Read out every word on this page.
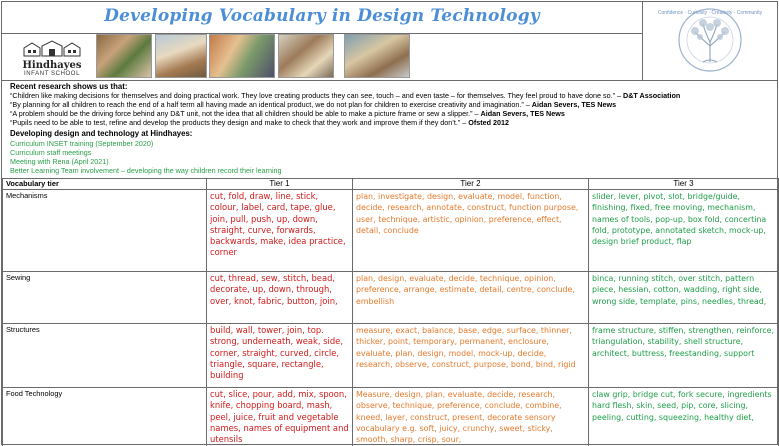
Developing Vocabulary in Design Technology
Hindhayes
INFANT SCHOOL
Confidence · Curiosity · Creativity · Community
Recent research shows us that:
“Children like making decisions for themselves and doing practical work. They love creating products they can see, touch – and even taste – for themselves. They feel proud to have done so.” – D&T Association
“By planning for all children to reach the end of a half term all having made an identical product, we do not plan for children to exercise creativity and imagination.” – Aidan Severs, TES News
“A problem should be the driving force behind any D&T unit, not the idea that all children should be able to make a picture frame or sew a slipper.” – Aidan Severs, TES News
“Pupils need to be able to test, refine and develop the products they design and make to check that they work and improve them if they don’t.” – Ofsted 2012
Developing design and technology at Hindhayes:
Curriculum INSET training (September 2020)
Curriculum staff meetings
Meeting with Rena (April 2021)
Better Learning Team involvement – developing the way children record their learning
Vocabulary tier	Tier 1	Tier 2	Tier 3
Mechanisms	cut, fold, draw, line, stick, colour, label, card, tape, glue, join, pull, push, up, down, straight, curve, forwards, backwards, make, idea practice, corner	plan, investigate, design, evaluate, model, function, decide, research, annotate, construct, function purpose, user, technique, artistic, opinion, preference, effect, detail, conclude	slider, lever, pivot, slot, bridge/guide, finishing, fixed, free moving, mechanism, names of tools, pop-up, box fold, concertina fold, prototype, annotated sketch, mock-up, design brief product, flap
Sewing	cut, thread, sew, stitch, bead, decorate, up, down, through, over, knot, fabric, button, join,	plan, design, evaluate, decide, technique, opinion, preference, arrange, estimate, detail, centre, conclude, embellish	binca, running stitch, over stitch, pattern piece, hessian, cotton, wadding, right side, wrong side, template, pins, needles, thread,
Structures	build, wall, tower, join, top. strong, underneath, weak, side, corner, straight, curved, circle, triangle, square, rectangle, building	measure, exact, balance, base, edge, surface, thinner, thicker, point, temporary, permanent, enclosure, evaluate, plan, design, model, mock-up, decide, research, observe, construct, purpose, bond, bind, rigid	frame structure, stiffen, strengthen, reinforce, triangulation, stability, shell structure, architect, buttress, freestanding, support
Food Technology	cut, slice, pour, add, mix, spoon, knife, chopping board, mash, peel, juice, fruit and vegetable names, names of equipment and utensils	Measure, design, plan, evaluate, decide, research, observe, technique, preference, conclude, combine, kneed, layer, construct, present, decorate sensory vocabulary e.g. soft, juicy, crunchy, sweet, sticky, smooth, sharp, crisp, sour,	claw grip, bridge cut, fork secure, ingredients hard flesh, skin, seed, pip, core, slicing, peeling, cutting, squeezing, healthy diet,
